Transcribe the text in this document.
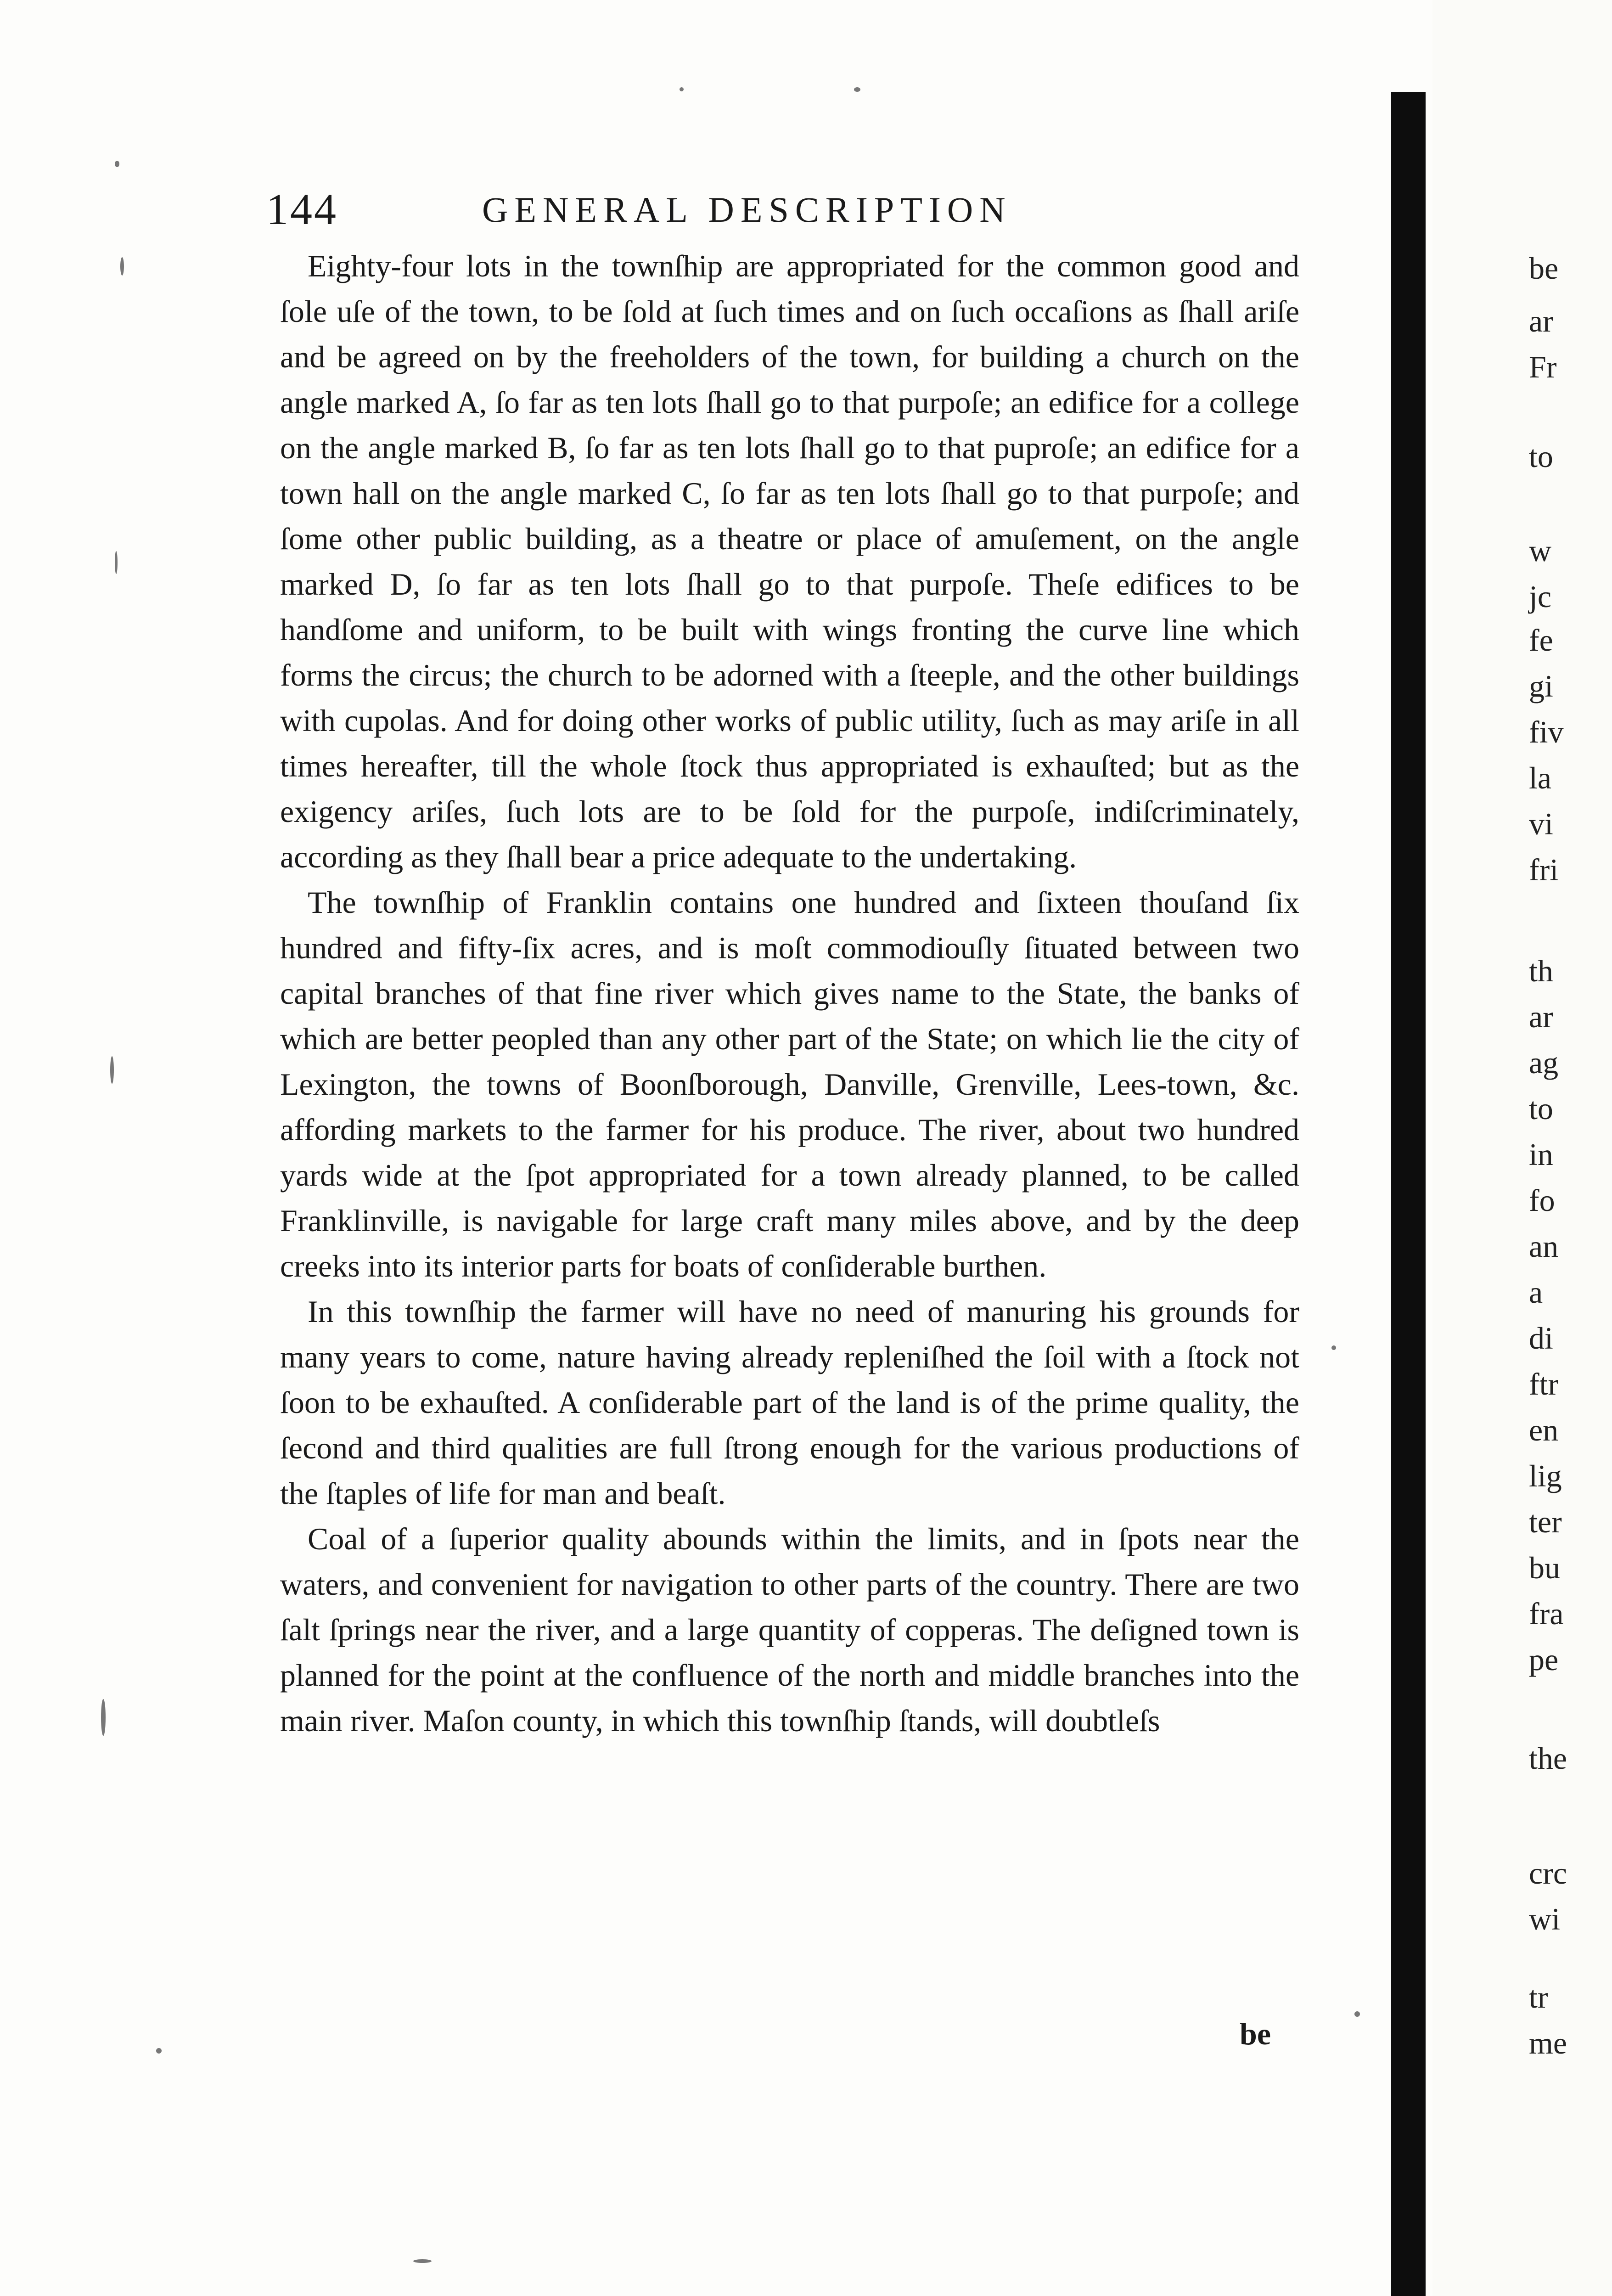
144	GENERAL DESCRIPTION

Eighty-four lots in the townſhip are appropriated for the common good and ſole uſe of the town, to be ſold at ſuch times and on ſuch occaſions as ſhall ariſe and be agreed on by the freeholders of the town, for building a church on the angle marked A, ſo far as ten lots ſhall go to that purpoſe; an edifice for a college on the angle marked B, ſo far as ten lots ſhall go to that puproſe; an edifice for a town hall on the angle marked C, ſo far as ten lots ſhall go to that purpoſe; and ſome other public building, as a theatre or place of amuſement, on the angle marked D, ſo far as ten lots ſhall go to that purpoſe. Theſe edifices to be handſome and uniform, to be built with wings fronting the curve line which forms the circus; the church to be adorned with a ſteeple, and the other buildings with cupolas. And for doing other works of public utility, ſuch as may ariſe in all times hereafter, till the whole ſtock thus appropriated is exhauſted; but as the exigency ariſes, ſuch lots are to be ſold for the purpoſe, indiſcriminately, according as they ſhall bear a price adequate to the undertaking.

The townſhip of Franklin contains one hundred and ſixteen thouſand ſix hundred and fifty-ſix acres, and is moſt commodiouſly ſituated between two capital branches of that fine river which gives name to the State, the banks of which are better peopled than any other part of the State; on which lie the city of Lexington, the towns of Boonſborough, Danville, Grenville, Lees-town, &c. affording markets to the farmer for his produce. The river, about two hundred yards wide at the ſpot appropriated for a town already planned, to be called Franklinville, is navigable for large craft many miles above, and by the deep creeks into its interior parts for boats of conſiderable burthen.

In this townſhip the farmer will have no need of manuring his grounds for many years to come, nature having already repleniſhed the ſoil with a ſtock not ſoon to be exhauſted. A conſiderable part of the land is of the prime quality, the ſecond and third qualities are full ſtrong enough for the various productions of the ſtaples of life for man and beaſt.

Coal of a ſuperior quality abounds within the limits, and in ſpots near the waters, and convenient for navigation to other parts of the country. There are two ſalt ſprings near the river, and a large quantity of copperas. The deſigned town is planned for the point at the confluence of the north and middle branches into the main river. Maſon county, in which this townſhip ſtands, will doubtleſs

be
be
ar
Fr
to
w
jc
fe
gi
fiv
la
vi
fri
th
ar
ag
to
in
fo
an
a
di
ftr
en
lig
ter
bu
fra
pe
the
crc
wi
tr
me
